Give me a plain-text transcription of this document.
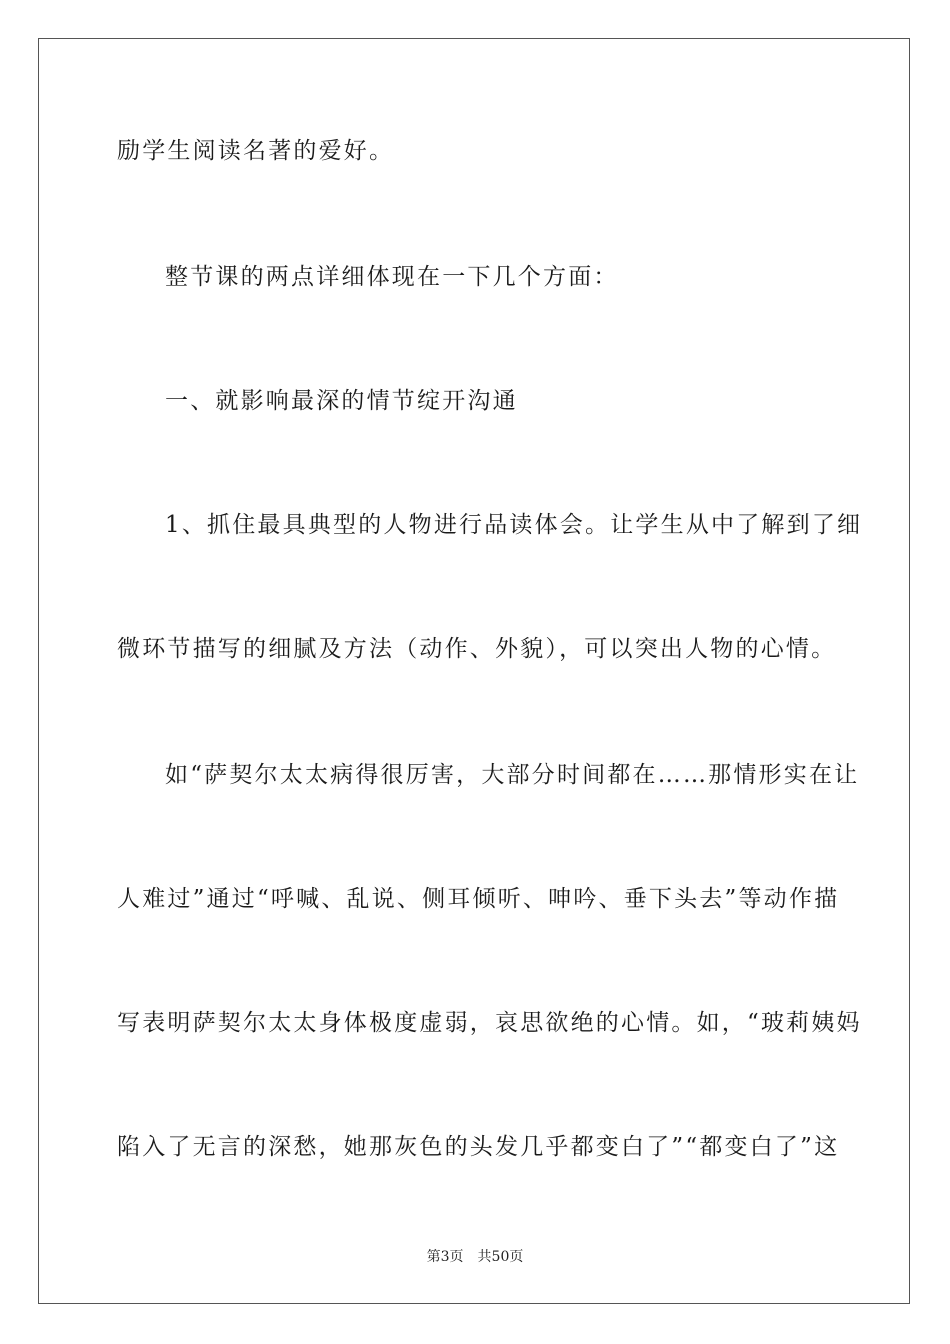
励学生阅读名著的爱好。
整节课的两点详细体现在一下几个方面：
一、就影响最深的情节绽开沟通
1、抓住最具典型的人物进行品读体会。让学生从中了解到了细
微环节描写的细腻及方法（动作、外貌），可以突出人物的心情。
如“萨契尔太太病得很厉害，大部分时间都在……那情形实在让
人难过”通过“呼喊、乱说、侧耳倾听、呻吟、垂下头去”等动作描
写表明萨契尔太太身体极度虚弱，哀思欲绝的心情。如，“玻莉姨妈
陷入了无言的深愁，她那灰色的头发几乎都变白了”“都变白了”这
第3页 共50页
